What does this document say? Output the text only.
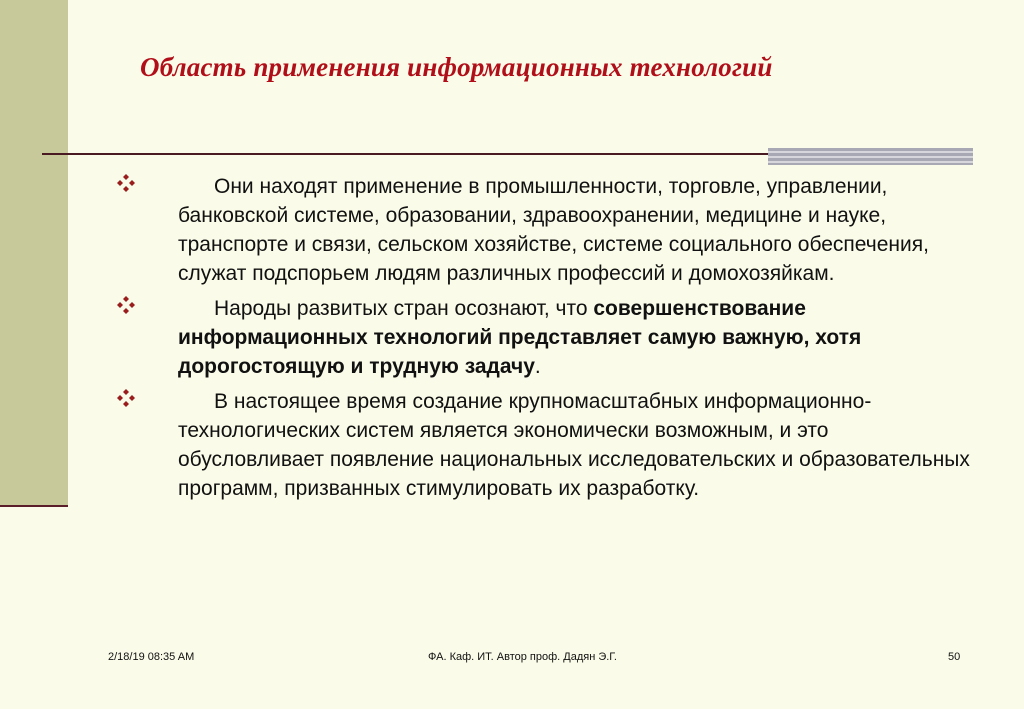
Область применения информационных технологий
Они находят применение в промышленности, торговле, управлении, банковской системе, образовании, здравоохранении, медицине и науке, транспорте и связи, сельском хозяйстве, системе социального обеспечения, служат подспорьем людям различных профессий и домохозяйкам.
Народы развитых стран осознают, что совершенствование информационных технологий представляет самую важную, хотя дорогостоящую и трудную задачу.
В настоящее время создание крупномасштабных информационно-технологических систем является экономически возможным, и это обусловливает появление национальных исследовательских и образовательных программ, призванных стимулировать их разработку.
2/18/19 08:35 AM	ФА. Каф. ИТ. Автор проф. Дадян Э.Г.	50
